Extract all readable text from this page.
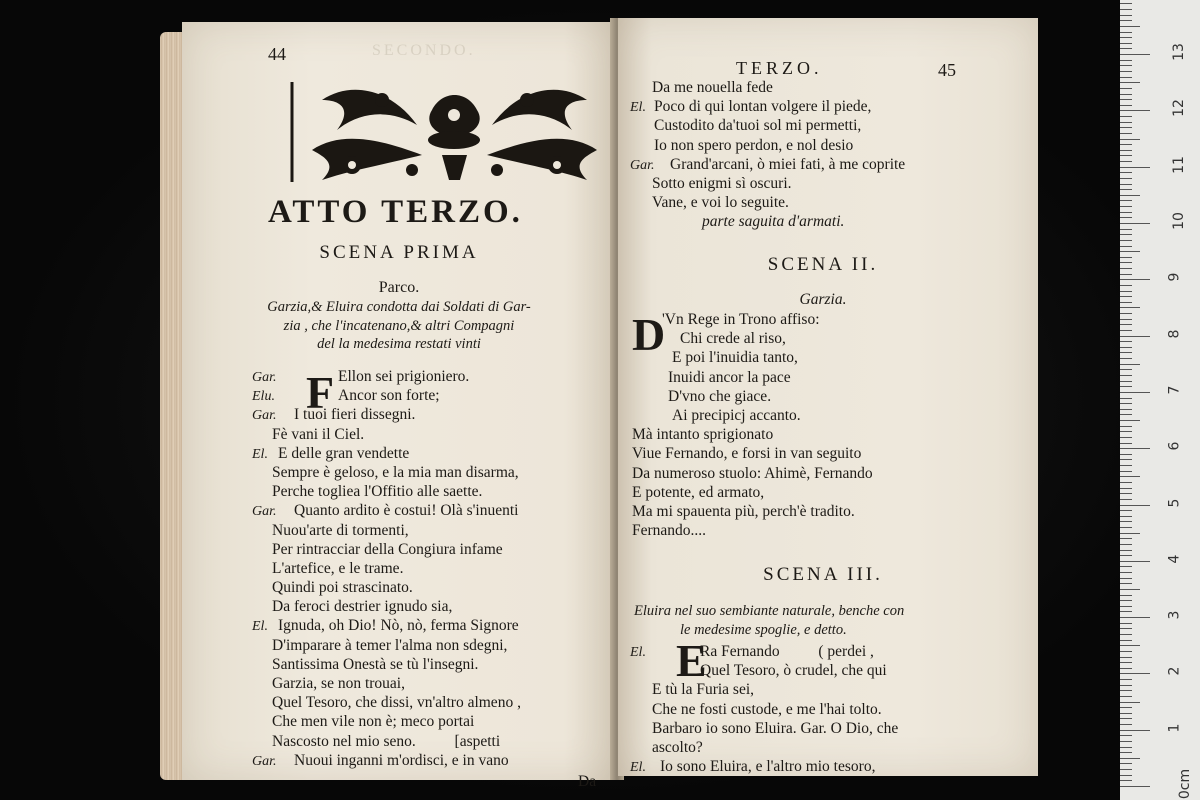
SECONDO.
44
ATTO TERZO.
SCENA PRIMA
Parco.
Garzia,& Eluira condotta dai Soldati di Gar-
zia , che l'incatenano,& altri Compagni
del la medesima restati vinti
F
Gar.	Ellon sei prigioniero.
Elu.	Ancor son forte;
Gar. I tuoi fieri dissegni.
Fè vani il Ciel.
El. E delle gran vendette
Sempre è geloso, e la mia man disarma,
Perche togliea l'Offitio alle saette.
Gar. Quanto ardito è costui! Olà s'inuenti
Nuou'arte di tormenti,
Per rintracciar della Congiura infame
L'artefice, e le trame.
Quindi poi strascinato.
Da feroci destrier ignudo sia,
El. Ignuda, oh Dio! Nò, nò, ferma Signore
D'imparare à temer l'alma non sdegni,
Santissima Onestà se tù l'insegni.
Garzia, se non trouai,
Quel Tesoro, che dissi, vn'altro almeno ,
Che men vile non è; meco portai
Nascosto nel mio seno.          [aspetti
Gar. Nuoui inganni m'ordisci, e in vano
Da
TERZO.	45
Da me nouella fede
El. Poco di qui lontan volgere il piede,
Custodito da'tuoi sol mi permetti,
Io non spero perdon, e nol desio
Gar. Grand'arcani, ò miei fati, à me coprite
Sotto enigmi sì oscuri.
Vane, e voi lo seguite.
parte saguita d'armati.
SCENA II.
Garzia.
D
'Vn Rege in Trono affiso:
Chi crede al riso,
E poi l'inuidia tanto,
Inuidi ancor la pace
D'vno che giace.
Ai precipicj accanto.
Mà intanto sprigionato
Viue Fernando, e forsi in van seguito
Da numeroso stuolo: Ahimè, Fernando
E potente, ed armato,
Ma mi spauenta più, perch'è tradito.
Fernando....
SCENA III.
Eluira nel suo sembiante naturale, benche con
le medesime spoglie, e detto.
E
El.	Ra Fernando          ( perdei ,
Quel Tesoro, ò crudel, che qui
E tù la Furia sei,
Che ne fosti custode, e me l'hai tolto.
Barbaro io sono Eluira. Gar. O Dio, che
ascolto?
El. Io sono Eluira, e l'altro mio tesoro,
0cm
1
2
3
4
5
6
7
8
9
10
11
12
13
